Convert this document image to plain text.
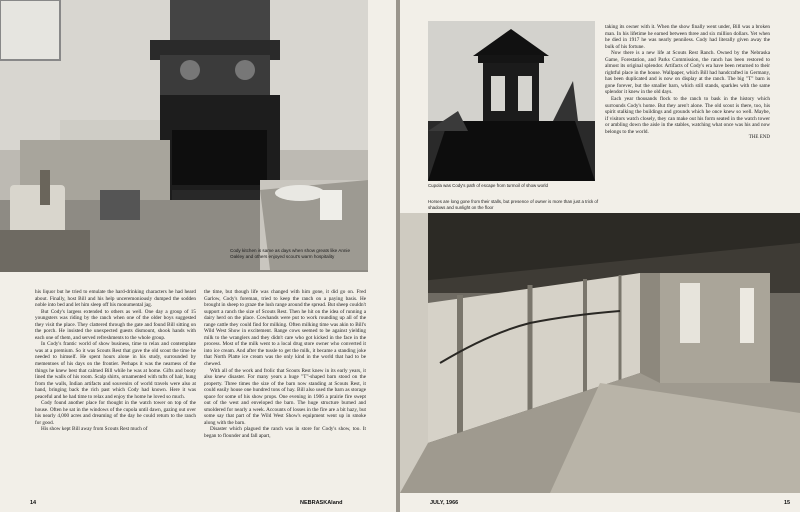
Cody kitchen is same as days when show greats like Annie Oakley and others enjoyed scout's warm hospitality

his liquor but he tried to emulate the hard-drinking characters he had heard about. Finally, host Bill and his help unceremoniously dumped the sodden noble into bed and let him sleep off his monumental jag.

But Cody's largess extended to others as well. One day a group of 15 youngsters was riding by the ranch when one of the older boys suggested they visit the place. They clattered through the gate and found Bill sitting on the porch. He insisted the unexpected guests dismount, shook hands with each one of them, and served refreshments to the whole group.

In Cody's frantic world of show business, time to relax and contemplate was at a premium. So it was Scouts Rest that gave the old scout the time he needed to himself. He spent hours alone in his study, surrounded by mementoes of his days on the frontier. Perhaps it was the nearness of the things he knew best that calmed Bill while he was at home. Gifts and booty lined the walls of his room. Scalp shirts, ornamented with tufts of hair, hung from the walls, Indian artifacts and souvenirs of world travels were also at hand, bringing back the rich past which Cody had known. Here it was peaceful and he had time to relax and enjoy the home he loved so much.

Cody found another place for thought in the watch tower on top of the house. Often he sat in the windows of the cupola until dawn, gazing out over his nearly 4,000 acres and dreaming of the day he could return to the ranch for good.

His show kept Bill away from Scouts Rest much of

the time, but though life was changed with him gone, it did go on. Fred Garlow, Cody's foreman, tried to keep the ranch on a paying basis. He brought in sheep to graze the lush range around the spread. But sheep couldn't support a ranch the size of Scouts Rest. Then he hit on the idea of running a dairy herd on the place. Cowhands were put to work rounding up all of the range cattle they could find for milking. Often milking time was akin to Bill's Wild West Show in excitement. Range cows seemed to be against yielding milk to the wranglers and they didn't care who got kicked in the face in the process. Most of the milk went to a local drug store owner who converted it into ice cream. And after the tussle to get the milk, it became a standing joke that North Platte ice cream was the only kind in the world that had to be chewed.

With all of the work and frolic that Scouts Rest knew in its early years, it also knew disaster. For many years a huge "T"-shaped barn stood on the property. Three times the size of the barn now standing at Scouts Rest, it could easily house one hundred tons of hay. Bill also used the barn as storage space for some of his show props. One evening in 1906 a prairie fire swept out of the west and enveloped the barn. The huge structure burned and smoldered for nearly a week. Accounts of losses in the fire are a bit hazy, but some say that part of the Wild West Show's equipment went up in smoke along with the barn.

Disaster which plagued the ranch was in store for Cody's show, too. It began to flounder and fall apart,

14	NEBRASKAland
Cupola was Cody's path of escape from turmoil of show world
Horses are long gone from their stalls, but presence of owner is more than just a trick of shadows and sunlight on the floor

taking its owner with it. When the show finally went under, Bill was a broken man. In his lifetime he earned between three and six million dollars. Yet when he died in 1917 he was nearly penniless. Cody had literally given away the bulk of his fortune.

Now there is a new life at Scouts Rest Ranch. Owned by the Nebraska Game, Forestation, and Parks Commission, the ranch has been restored to almost its original splendor. Artifacts of Cody's era have been returned to their rightful place in the house. Wallpaper, which Bill had handcrafted in Germany, has been duplicated and is now on display at the ranch. The big "T" barn is gone forever, but the smaller barn, which still stands, sparkles with the same splendor it knew in the old days.

Each year thousands flock to the ranch to bask in the history which surrounds Cody's home. But they aren't alone. The old scout is there, too, his spirit stalking the buildings and grounds which he once knew so well. Maybe, if visitors watch closely, they can make out his form seated in the watch tower or ambling down the aisle in the stables, watching what once was his and now belongs to the world.

THE END

JULY, 1966	15
